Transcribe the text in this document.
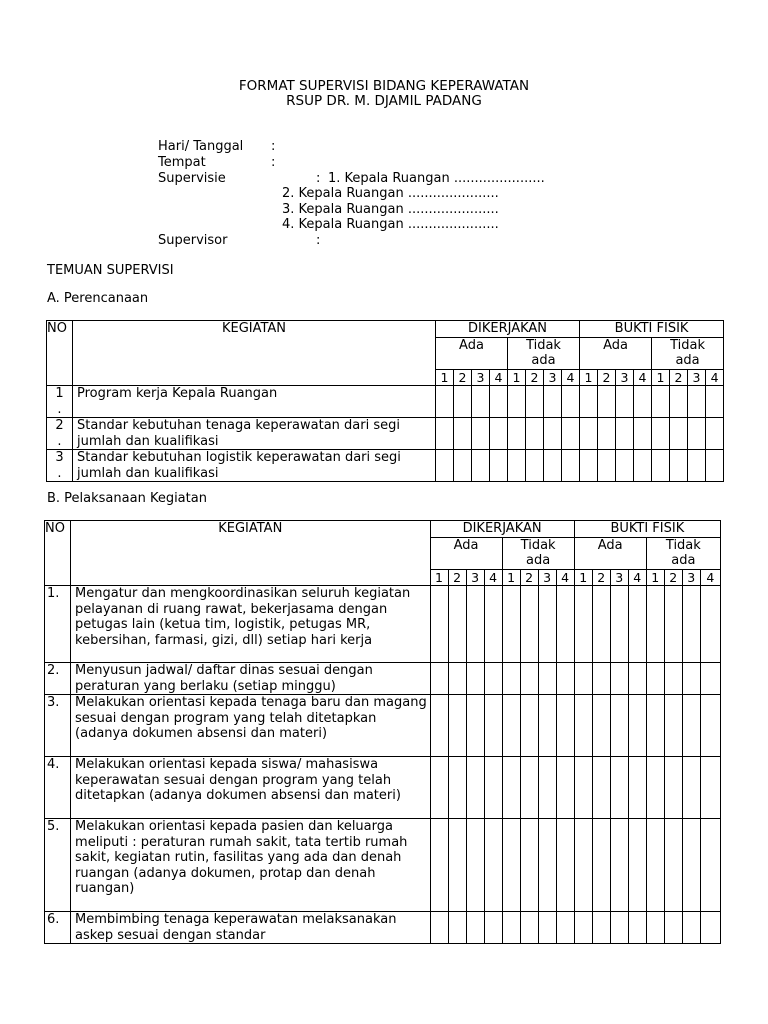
FORMAT SUPERVISI BIDANG KEPERAWATAN
RSUP DR. M. DJAMIL PADANG
Hari/ Tanggal :
Tempat	:
Supervisie	: 1. Kepala Ruangan ......................
2. Kepala Ruangan ......................
3. Kepala Ruangan ......................
4. Kepala Ruangan ......................
Supervisor	:
TEMUAN SUPERVISI
A. Perencanaan
NO	KEGIATAN	DIKERJAKAN								BUKTI FISIK							
		Ada				Tidak
ada				Ada				Tidak
ada			
		1	2	3	4	1	2	3	4	1	2	3	4	1	2	3	4
1
.	Program kerja Kepala Ruangan																
2
.	Standar kebutuhan tenaga keperawatan dari segi jumlah dan kualifikasi																
3
.	Standar kebutuhan logistik keperawatan dari segi jumlah dan kualifikasi																
B. Pelaksanaan Kegiatan
NO	KEGIATAN	DIKERJAKAN								BUKTI FISIK							
		Ada				Tidak
ada				Ada				Tidak
ada			
		1	2	3	4	1	2	3	4	1	2	3	4	1	2	3	4
1.	Mengatur dan mengkoordinasikan seluruh kegiatan pelayanan di ruang rawat, bekerjasama dengan petugas lain (ketua tim, logistik, petugas MR, kebersihan, farmasi, gizi, dll) setiap hari kerja																
2.	Menyusun jadwal/ daftar dinas sesuai dengan peraturan yang berlaku (setiap minggu)																
3.	Melakukan orientasi kepada tenaga baru dan magang sesuai dengan program yang telah ditetapkan (adanya dokumen absensi dan materi)																
4.	Melakukan orientasi kepada siswa/ mahasiswa keperawatan sesuai dengan program yang telah ditetapkan (adanya dokumen absensi dan materi)																
5.	Melakukan orientasi kepada pasien dan keluarga meliputi : peraturan rumah sakit, tata tertib rumah sakit, kegiatan rutin, fasilitas yang ada dan denah ruangan (adanya dokumen, protap dan denah ruangan)																
6.	Membimbing tenaga keperawatan melaksanakan askep sesuai dengan standar																
